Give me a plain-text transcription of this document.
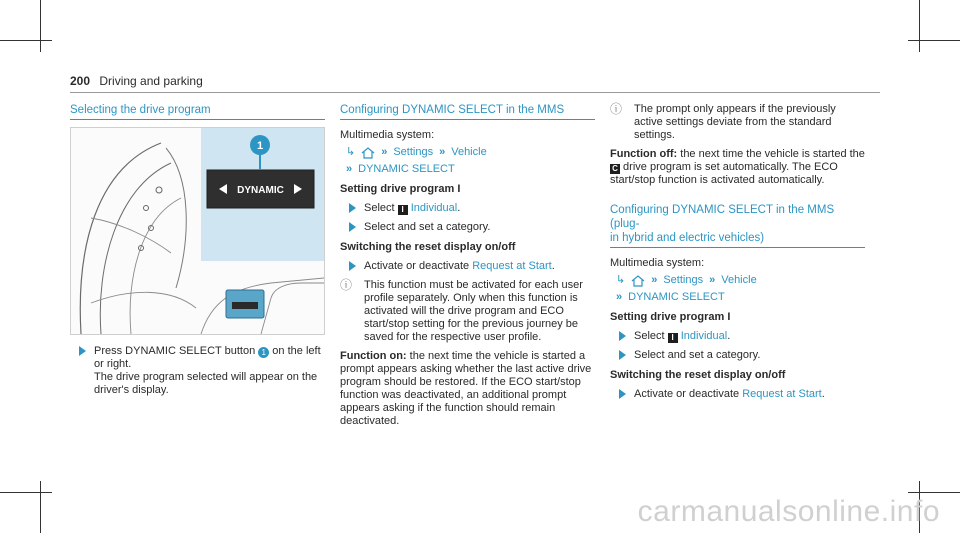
200 Driving and parking
Selecting the drive program
1
DYNAMIC
Press DYNAMIC SELECT button 1 on the left or right.
The drive program selected will appear on the driver's display.
Configuring DYNAMIC SELECT in the MMS
Multimedia system:
↳ » Settings » Vehicle
» DYNAMIC SELECT
Setting drive program I
Select I Individual.
Select and set a category.
Switching the reset display on/off
Activate or deactivate Request at Start.
ⓘ	This function must be activated for each user profile separately. Only when this function is activated will the drive program and ECO start/stop setting for the previous journey be saved for the respective user profile.
Function on: the next time the vehicle is started a prompt appears asking whether the last active drive program should be restored. If the ECO start/stop function was deactivated, an additional prompt appears asking if the function should remain deactivated.
ⓘ	The prompt only appears if the previously active settings deviate from the standard settings.
Function off: the next time the vehicle is started the C drive program is set automatically. The ECO start/stop function is activated automatically.
Configuring DYNAMIC SELECT in the MMS (plug-
in hybrid and electric vehicles)
Multimedia system:
↳ » Settings » Vehicle
» DYNAMIC SELECT
Setting drive program I
Select I Individual.
Select and set a category.
Switching the reset display on/off
Activate or deactivate Request at Start.
carmanualsonline.info
